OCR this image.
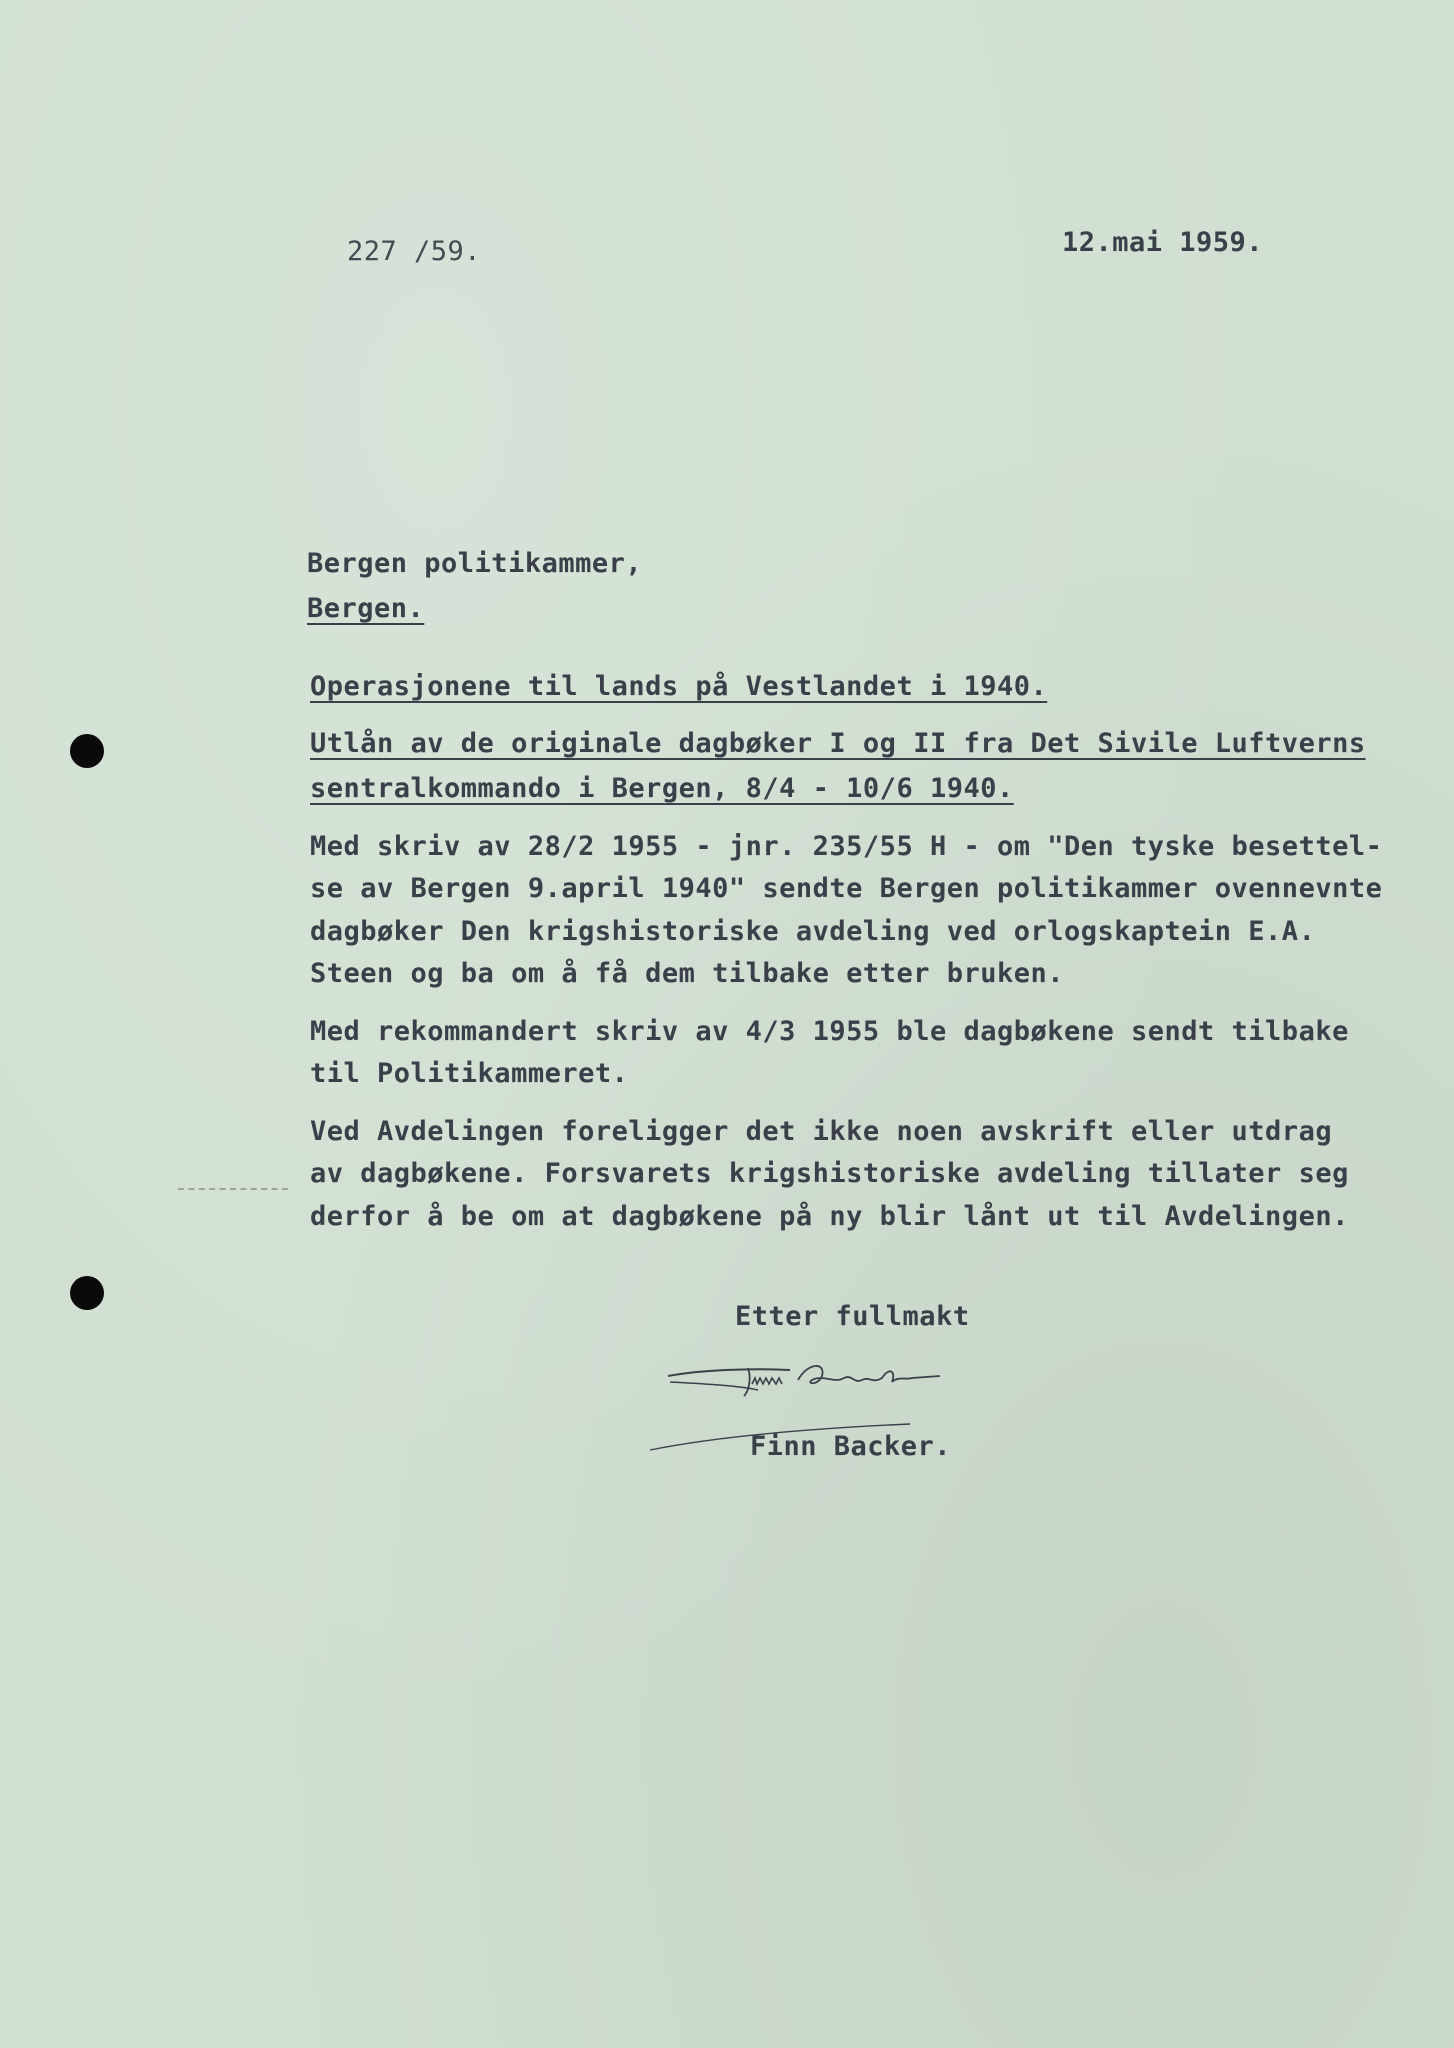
227 /59.	12.mai 1959.

Bergen politikammer,

Bergen.

Operasjonene til lands på Vestlandet i 1940.

Utlån av de originale dagbøker I og II fra Det Sivile Luftverns

sentralkommando i Bergen, 8/4 - 10/6 1940.

Med skriv av 28/2 1955 - jnr. 235/55 H - om "Den tyske besettel-

se av Bergen 9.april 1940" sendte Bergen politikammer ovennevnte

dagbøker Den krigshistoriske avdeling ved orlogskaptein E.A.

Steen og ba om å få dem tilbake etter bruken.

Med rekommandert skriv av 4/3 1955 ble dagbøkene sendt tilbake

til Politikammeret.

Ved Avdelingen foreligger det ikke noen avskrift eller utdrag

av dagbøkene. Forsvarets krigshistoriske avdeling tillater seg

derfor å be om at dagbøkene på ny blir lånt ut til Avdelingen.

Etter fullmakt

Finn Backer.
